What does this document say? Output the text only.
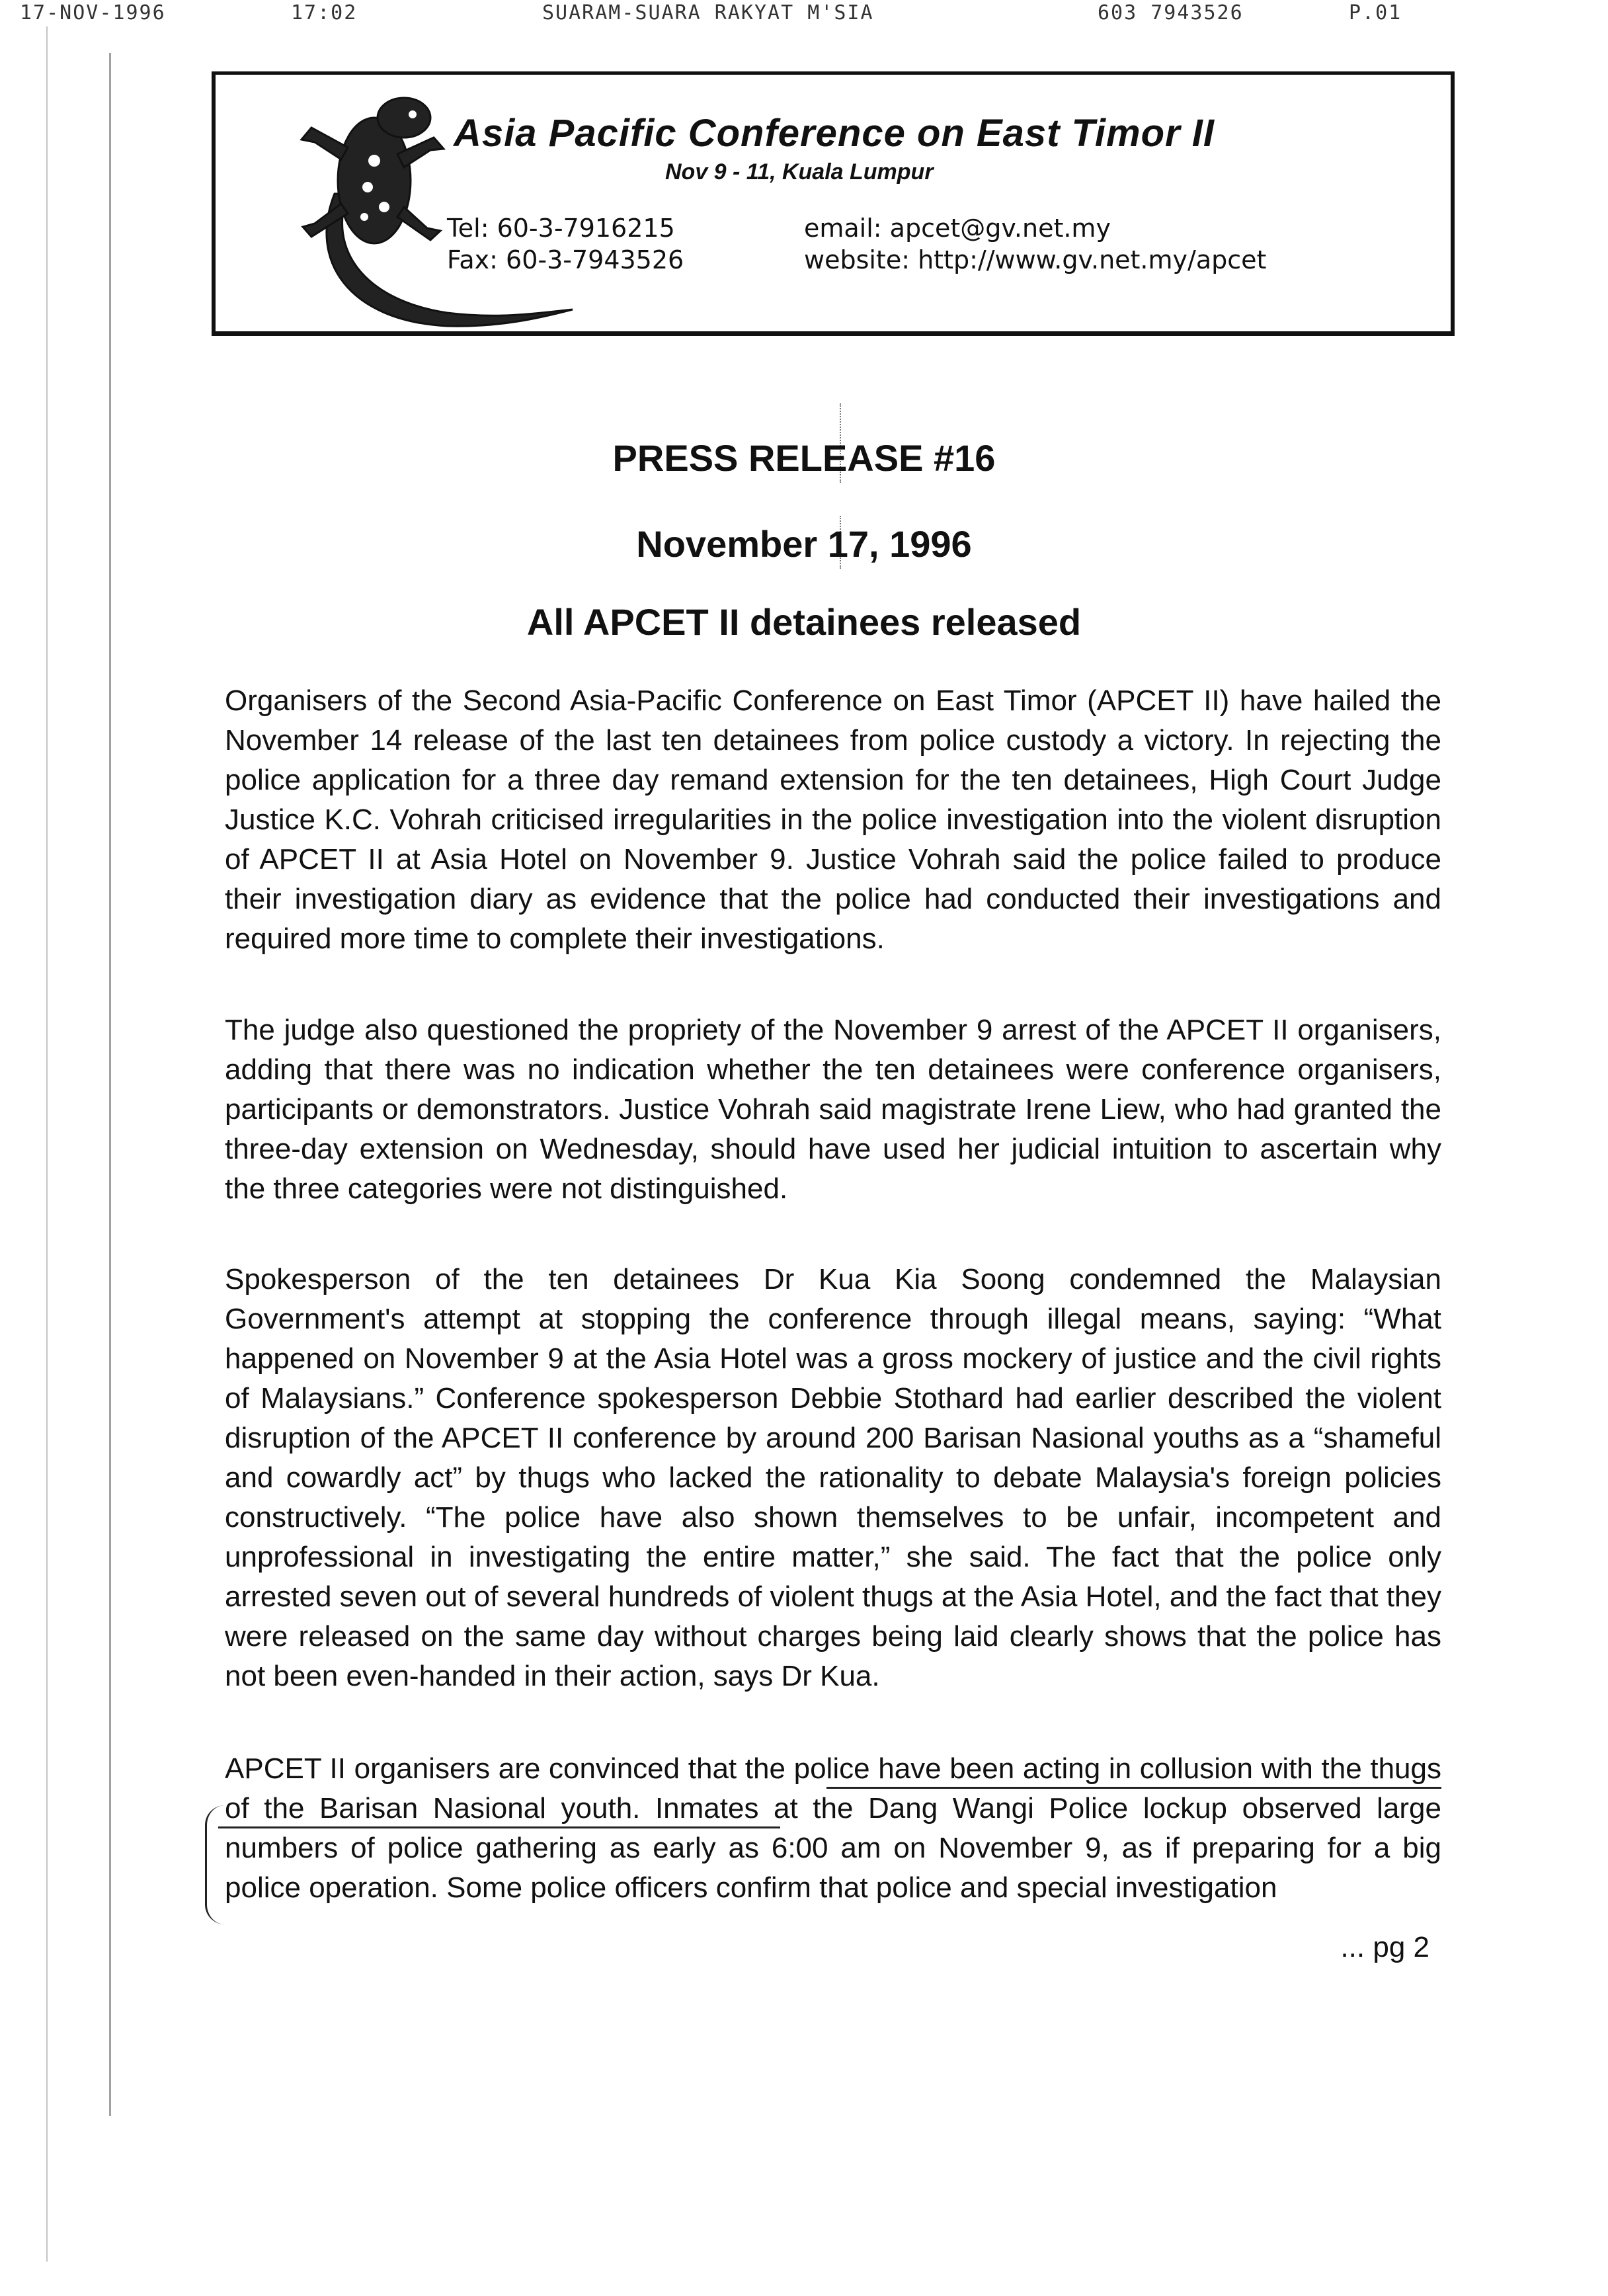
17-NOV-1996	17:02	SUARAM-SUARA RAKYAT M'SIA	603 7943526	P.01
Asia Pacific Conference on East Timor II
Nov 9 - 11, Kuala Lumpur
Tel: 60-3-7916215
Fax: 60-3-7943526
email: apcet@gv.net.my
website: http://www.gv.net.my/apcet
PRESS RELEASE #16
November 17, 1996
All APCET II detainees released
Organisers of the Second Asia-Pacific Conference on East Timor (APCET II) have hailed the November 14 release of the last ten detainees from police custody a victory. In rejecting the police application for a three day remand extension for the ten detainees, High Court Judge Justice K.C. Vohrah criticised irregularities in the police investigation into the violent disruption of APCET II at Asia Hotel on November 9. Justice Vohrah said the police failed to produce their investigation diary as evidence that the police had conducted their investigations and required more time to complete their investigations.
The judge also questioned the propriety of the November 9 arrest of the APCET II organisers, adding that there was no indication whether the ten detainees were conference organisers, participants or demonstrators. Justice Vohrah said magistrate Irene Liew, who had granted the three-day extension on Wednesday, should have used her judicial intuition to ascertain why the three categories were not distinguished.
Spokesperson of the ten detainees Dr Kua Kia Soong condemned the Malaysian Government's attempt at stopping the conference through illegal means, saying: “What happened on November 9 at the Asia Hotel was a gross mockery of justice and the civil rights of Malaysians.” Conference spokesperson Debbie Stothard had earlier described the violent disruption of the APCET II conference by around 200 Barisan Nasional youths as a “shameful and cowardly act” by thugs who lacked the rationality to debate Malaysia's foreign policies constructively. “The police have also shown themselves to be unfair, incompetent and unprofessional in investigating the entire matter,” she said. The fact that the police only arrested seven out of several hundreds of violent thugs at the Asia Hotel, and the fact that they were released on the same day without charges being laid clearly shows that the police has not been even-handed in their action, says Dr Kua.
APCET II organisers are convinced that the police have been acting in collusion with the thugs of the Barisan Nasional youth. Inmates at the Dang Wangi Police lockup observed large numbers of police gathering as early as 6:00 am on November 9, as if preparing for a big police operation. Some police officers confirm that police and special investigation
... pg 2
